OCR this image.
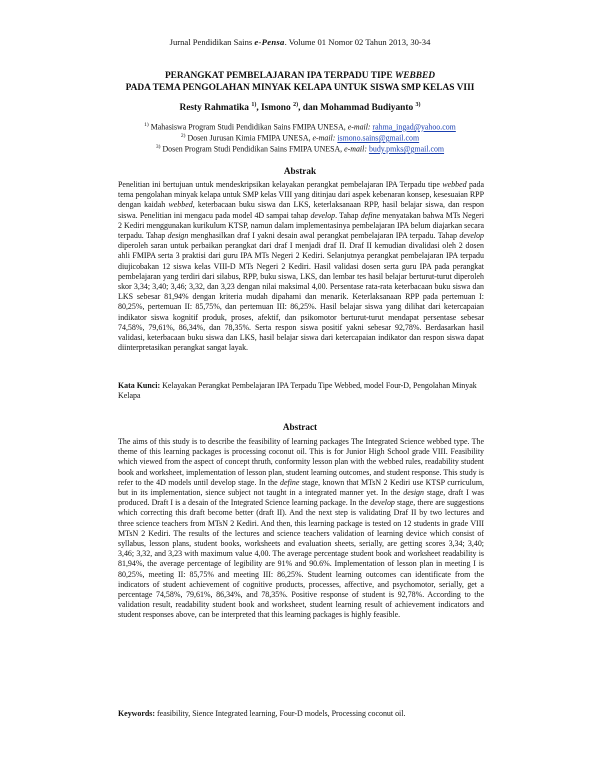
Jurnal Pendidikan Sains e-Pensa. Volume 01 Nomor 02 Tahun 2013, 30-34
PERANGKAT PEMBELAJARAN IPA TERPADU TIPE WEBBED
PADA TEMA PENGOLAHAN MINYAK KELAPA UNTUK SISWA SMP KELAS VIII
Resty Rahmatika $^{1)}$, Ismono $^{2)}$, dan Mohammad Budiyanto $^{3)}$
$^{1)}$ Mahasiswa Program Studi Pendidikan Sains FMIPA UNESA, e-mail: rahma_ingad@yahoo.com
$^{2)}$ Dosen Jurusan Kimia FMIPA UNESA, e-mail: ismono.sains@gmail.com
$^{3)}$ Dosen Program Studi Pendidikan Sains FMIPA UNESA, e-mail: budy.pmks@gmail.com
Abstrak
Penelitian ini bertujuan untuk mendeskripsikan kelayakan perangkat pembelajaran IPA Terpadu tipe webbed pada tema pengolahan minyak kelapa untuk SMP kelas VIII yang ditinjau dari aspek kebenaran konsep, kesesuaian RPP dengan kaidah webbed, keterbacaan buku siswa dan LKS, keterlaksanaan RPP, hasil belajar siswa, dan respon siswa. Penelitian ini mengacu pada model 4D sampai tahap develop. Tahap define menyatakan bahwa MTs Negeri 2 Kediri menggunakan kurikulum KTSP, namun dalam implementasinya pembelajaran IPA belum diajarkan secara terpadu. Tahap design menghasilkan draf I yakni desain awal perangkat pembelajaran IPA terpadu. Tahap develop diperoleh saran untuk perbaikan perangkat dari draf I menjadi draf II. Draf II kemudian divalidasi oleh 2 dosen ahli FMIPA serta 3 praktisi dari guru IPA MTs Negeri 2 Kediri. Selanjutnya perangkat pembelajaran IPA terpadu diujicobakan 12 siswa kelas VIII-D MTs Negeri 2 Kediri. Hasil validasi dosen serta guru IPA pada perangkat pembelajaran yang terdiri dari silabus, RPP, buku siswa, LKS, dan lembar tes hasil belajar berturut-turut diperoleh skor 3,34; 3,40; 3,46; 3,32, dan 3,23 dengan nilai maksimal 4,00. Persentase rata-rata keterbacaan buku siswa dan LKS sebesar 81,94% dengan kriteria mudah dipahami dan menarik. Keterlaksanaan RPP pada pertemuan I: 80,25%, pertemuan II: 85,75%, dan pertemuan III: 86,25%. Hasil belajar siswa yang dilihat dari ketercapaian indikator siswa kognitif produk, proses, afektif, dan psikomotor berturut-turut mendapat persentase sebesar 74,58%, 79,61%, 86,34%, dan 78,35%. Serta respon siswa positif yakni sebesar 92,78%. Berdasarkan hasil validasi, keterbacaan buku siswa dan LKS, hasil belajar siswa dari ketercapaian indikator dan respon siswa dapat diinterpretasikan perangkat sangat layak.
Kata Kunci: Kelayakan Perangkat Pembelajaran IPA Terpadu Tipe Webbed, model Four-D, Pengolahan Minyak Kelapa
Abstract
The aims of this study is to describe the feasibility of learning packages The Integrated Science webbed type. The theme of this learning packages is processing coconut oil. This is for Junior High School grade VIII. Feasibility which viewed from the aspect of concept thruth, conformity lesson plan with the webbed rules, readability student book and worksheet, implementation of lesson plan, student learning outcomes, and student response. This study is refer to the 4D models until develop stage. In the define stage, known that MTsN 2 Kediri use KTSP curriculum, but in its implementation, sience subject not taught in a integrated manner yet. In the design stage, draft I was produced. Draft I is a desain of the Integrated Science learning package. In the develop stage, there are suggestions which correcting this draft become better (draft II). And the next step is validating Draf II by two lectures and three science teachers from MTsN 2 Kediri. And then, this learning package is tested on 12 students in grade VIII MTsN 2 Kediri. The results of the lectures and science teachers validation of learning device which consist of syllabus, lesson plans, student books, worksheets and evaluation sheets, serially, are getting scores 3,34; 3,40; 3,46; 3,32, and 3,23 with maximum value 4,00. The average percentage student book and worksheet readability is 81,94%, the average percentage of legibility are 91% and 90.6%. Implementation of lesson plan in meeting I is 80,25%, meeting II: 85,75% and meeting III: 86,25%. Student learning outcomes can identificate from the indicators of student achievement of cognitive products, processes, affective, and psychomotor, serially, get a percentage 74,58%, 79,61%, 86,34%, and 78,35%. Positive response of student is 92,78%. According to the validation result, readability student book and worksheet, student learning result of achievement indicators and student responses above, can be interpreted that this learning packages is highly feasible.
Keywords: feasibility, Sience Integrated learning, Four-D models, Processing coconut oil.
